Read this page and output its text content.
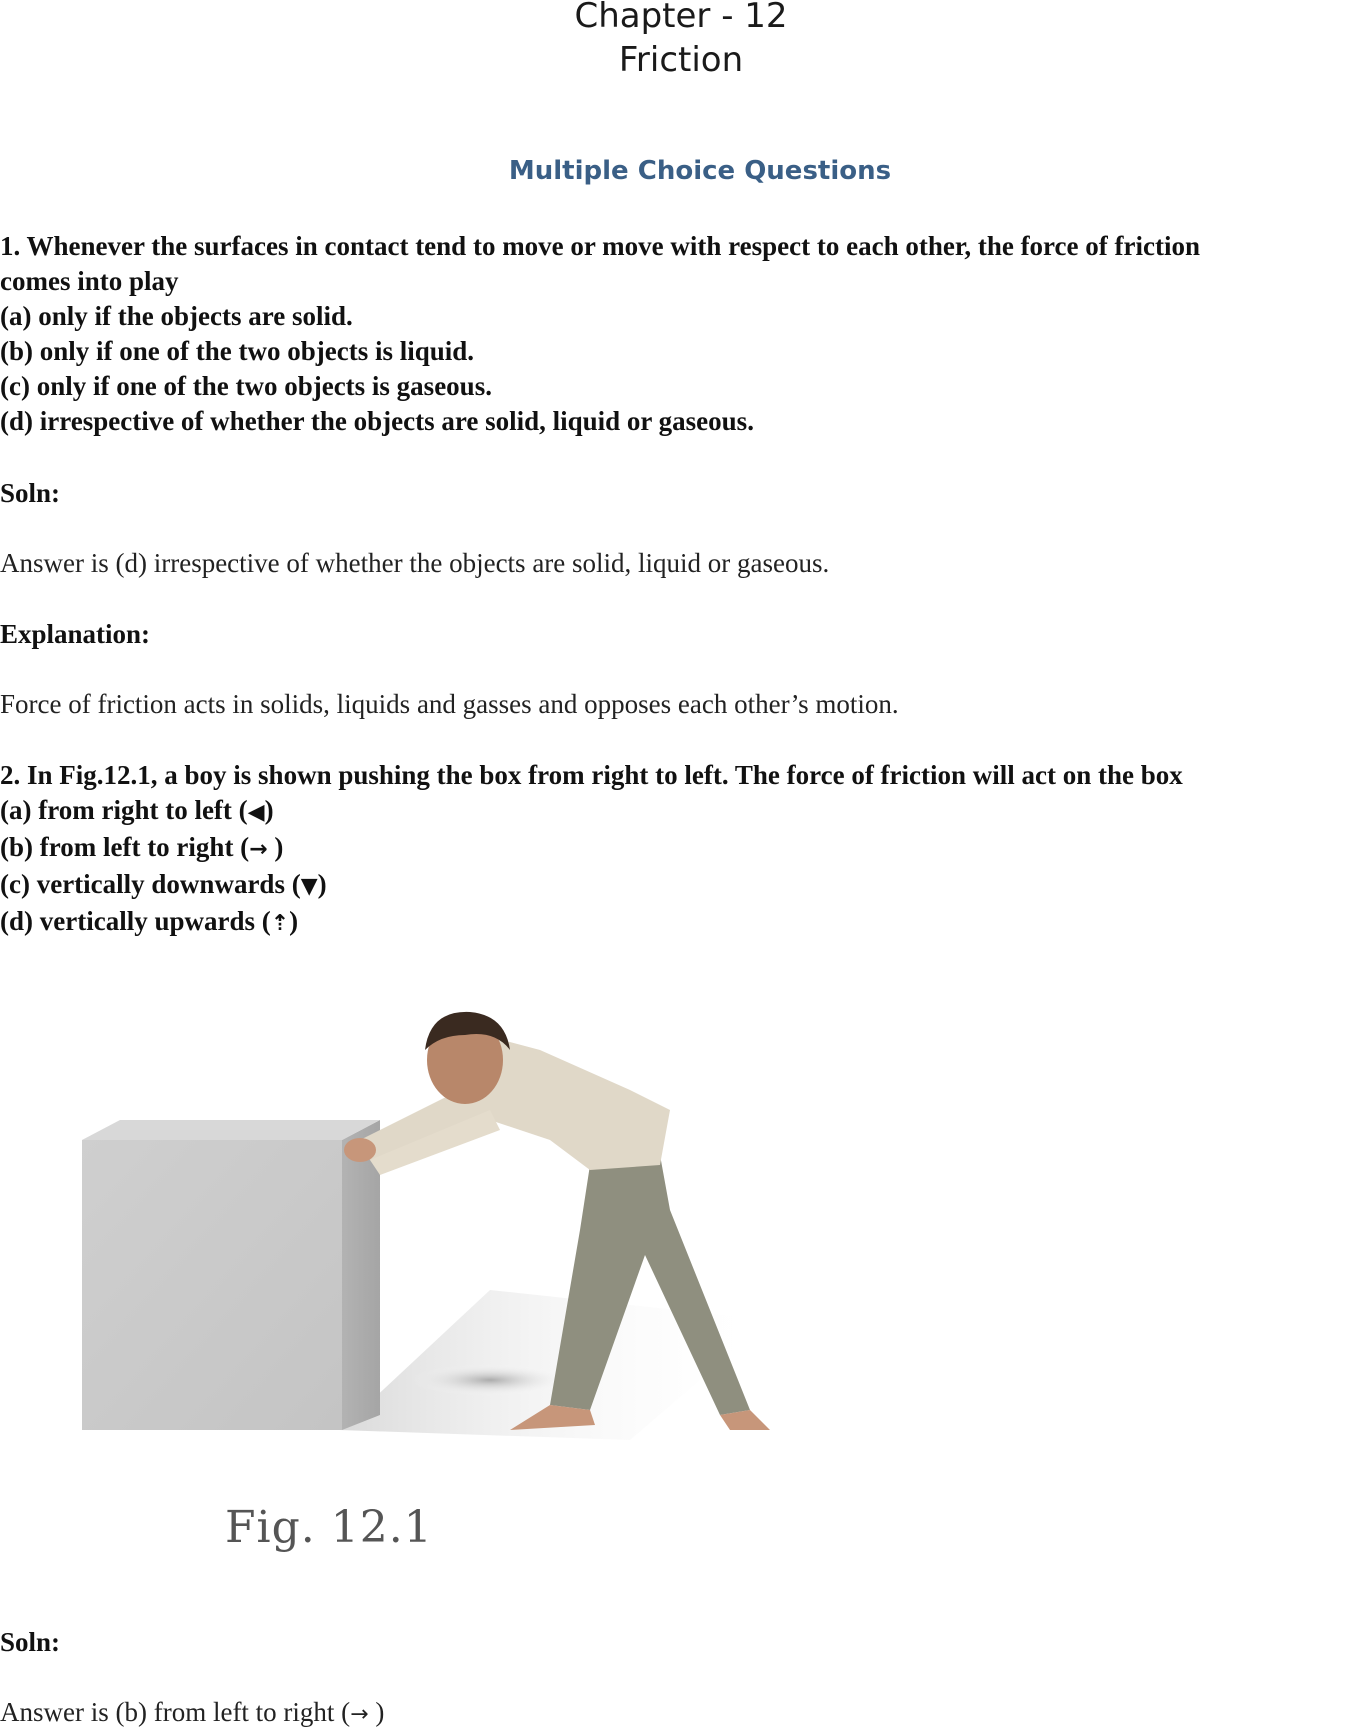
Chapter - 12
Friction
Multiple Choice Questions
1. Whenever the surfaces in contact tend to move or move with respect to each other, the force of friction
comes into play
(a) only if the objects are solid.
(b) only if one of the two objects is liquid.
(c) only if one of the two objects is gaseous.
(d) irrespective of whether the objects are solid, liquid or gaseous.
Soln:
Answer is (d) irrespective of whether the objects are solid, liquid or gaseous.
Explanation:
Force of friction acts in solids, liquids and gasses and opposes each other’s motion.
2. In Fig.12.1, a boy is shown pushing the box from right to left. The force of friction will act on the box
(a) from right to left (◀)
(b) from left to right (→ )
(c) vertically downwards (▼)
(d) vertically upwards (⇡)
Fig. 12.1
Soln:
Answer is (b) from left to right (→ )
